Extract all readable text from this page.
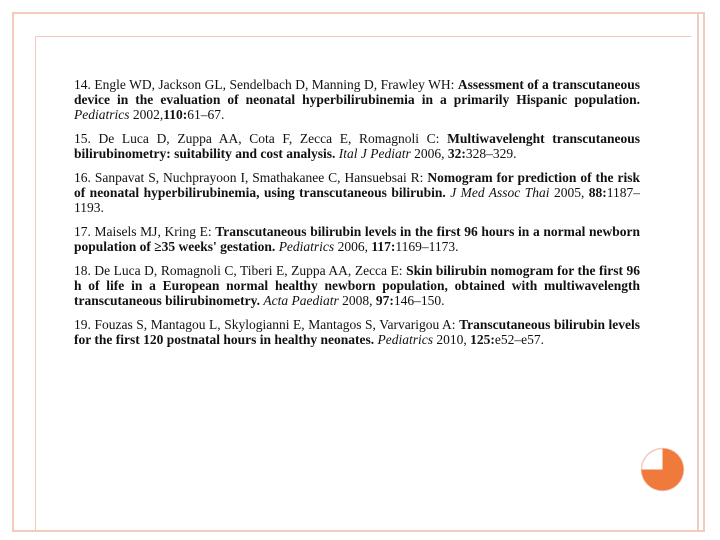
14. Engle WD, Jackson GL, Sendelbach D, Manning D, Frawley WH: Assessment of a transcutaneous device in the evaluation of neonatal hyperbilirubinemia in a primarily Hispanic population. Pediatrics 2002,110:61–67.

15. De Luca D, Zuppa AA, Cota F, Zecca E, Romagnoli C: Multiwavelenght transcutaneous bilirubinometry: suitability and cost analysis. Ital J Pediatr 2006, 32:328–329.

16. Sanpavat S, Nuchprayoon I, Smathakanee C, Hansuebsai R: Nomogram for prediction of the risk of neonatal hyperbilirubinemia, using transcutaneous bilirubin. J Med Assoc Thai 2005, 88:1187–1193.

17. Maisels MJ, Kring E: Transcutaneous bilirubin levels in the first 96 hours in a normal newborn population of ≥35 weeks' gestation. Pediatrics 2006, 117:1169–1173.

18. De Luca D, Romagnoli C, Tiberi E, Zuppa AA, Zecca E: Skin bilirubin nomogram for the first 96 h of life in a European normal healthy newborn population, obtained with multiwavelength transcutaneous bilirubinometry. Acta Paediatr 2008, 97:146–150.

19. Fouzas S, Mantagou L, Skylogianni E, Mantagos S, Varvarigou A: Transcutaneous bilirubin levels for the first 120 postnatal hours in healthy neonates. Pediatrics 2010, 125:e52–e57.
